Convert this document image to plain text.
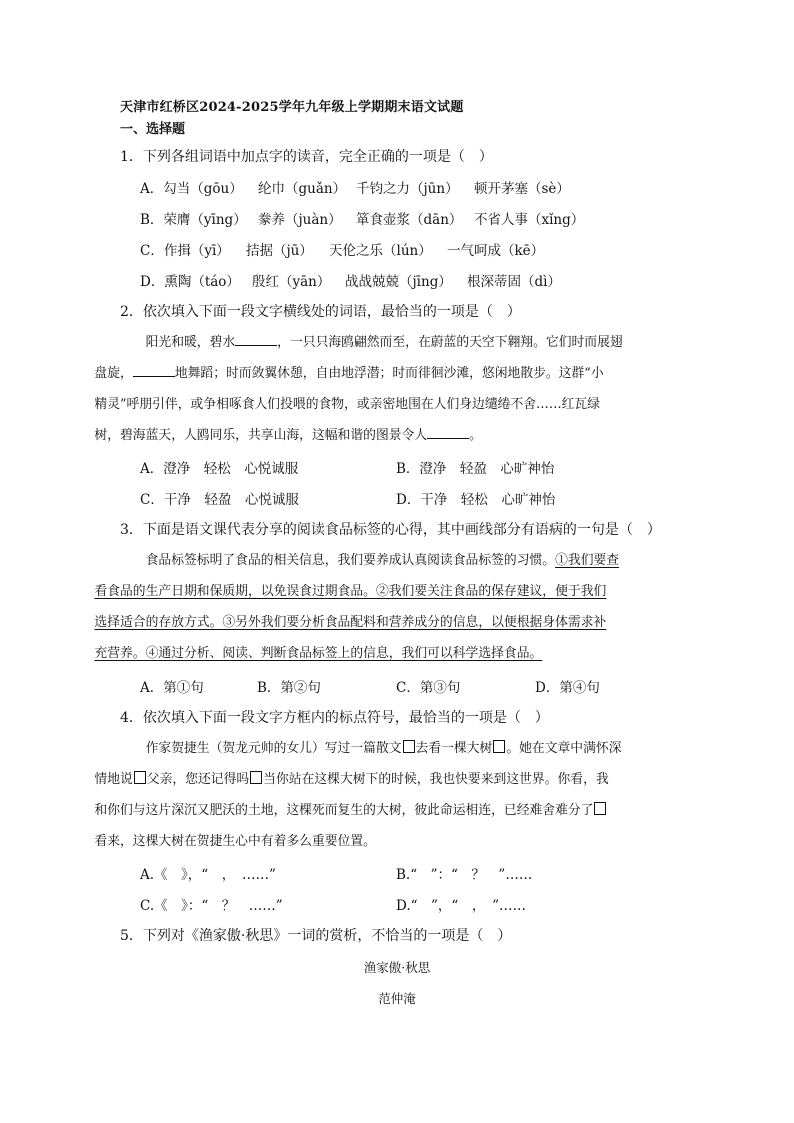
天津市红桥区2024-2025学年九年级上学期期末语文试题
一、选择题
1．下列各组词语中加点字的读音，完全正确的一项是（　）
A．勾当（gōu） 纶巾（guǎn） 千钧之力（jūn） 顿开茅塞（sè）
B．荣膺（yīng） 豢养（juàn） 箪食壶浆（dān） 不省人事（xǐng）
C．作揖（yī） 拮据（jū） 天伦之乐（lún） 一气呵成（kē）
D．熏陶（táo） 殷红（yān） 战战兢兢（jīng） 根深蒂固（dì）
2．依次填入下面一段文字横线处的词语，最恰当的一项是（　）
阳光和暖，碧水	，一只只海鸥翩然而至，在蔚蓝的天空下翱翔。它们时而展翅
盘旋，	地舞蹈；时而敛翼休憩，自由地浮潜；时而徘徊沙滩，悠闲地散步。这群“小
精灵”呼朋引伴，或争相啄食人们投喂的食物，或亲密地围在人们身边缱绻不舍……红瓦绿
树，碧海蓝天，人鸥同乐，共享山海，这幅和谐的图景令人	。
A．澄净　轻松　心悦诚服	B．澄净　轻盈　心旷神怡
C．干净　轻盈　心悦诚服	D．干净　轻松　心旷神怡
3．下面是语文课代表分享的阅读食品标签的心得，其中画线部分有语病的一句是（　）
食品标签标明了食品的相关信息，我们要养成认真阅读食品标签的习惯。①我们要查
看食品的生产日期和保质期，以免误食过期食品。②我们要关注食品的保存建议，便于我们
选择适合的存放方式。③另外我们要分析食品配料和营养成分的信息，以便根据身体需求补
充营养。④通过分析、阅读、判断食品标签上的信息，我们可以科学选择食品。
A．第①句	B．第②句	C．第③句	D．第④句
4．依次填入下面一段文字方框内的标点符号，最恰当的一项是（　）
作家贺捷生（贺龙元帅的女儿）写过一篇散文 去看一棵大树 。她在文章中满怀深
情地说 父亲，您还记得吗 当你站在这棵大树下的时候，我也快要来到这世界。你看，我
和你们与这片深沉又肥沃的土地，这棵死而复生的大树，彼此命运相连，已经难舍难分了
看来，这棵大树在贺捷生心中有着多么重要位置。
A.《　》，“　，　……”	B.“　”：“　？　”……
C.《　》：“　？　……”	D.“　”，“　，　”……
5．下列对《渔家傲·秋思》一词的赏析，不恰当的一项是（　）
渔家傲·秋思
范仲淹
